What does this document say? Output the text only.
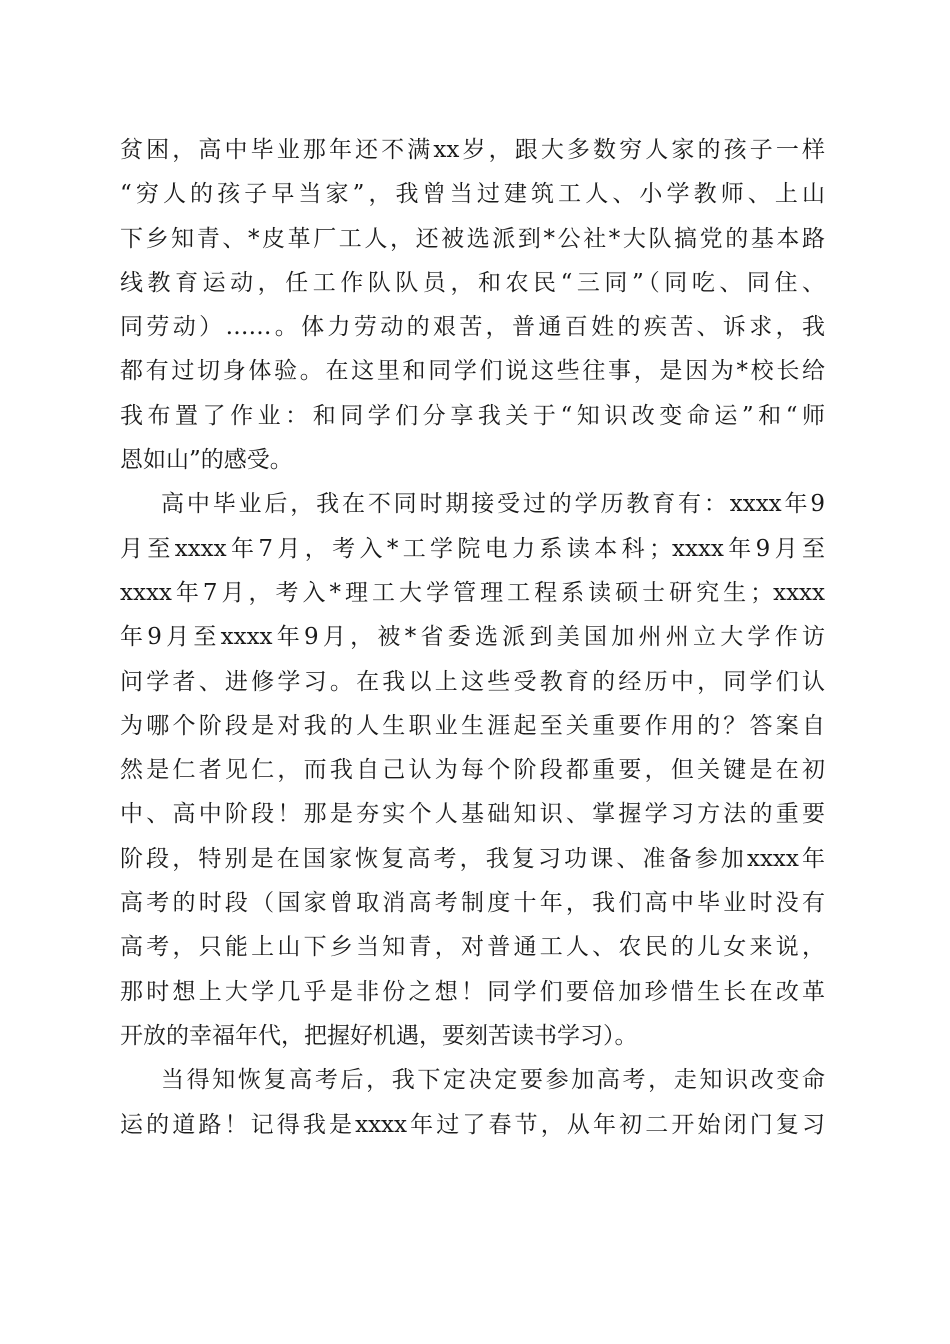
贫困，高中毕业那年还不满xx岁，跟大多数穷人家的孩子一样
“穷人的孩子早当家”，我曾当过建筑工人、小学教师、上山
下乡知青、*皮革厂工人，还被选派到*公社*大队搞党的基本路
线教育运动，任工作队队员，和农民“三同”（同吃、同住、
同劳动）……。体力劳动的艰苦，普通百姓的疾苦、诉求，我
都有过切身体验。在这里和同学们说这些往事，是因为*校长给
我布置了作业：和同学们分享我关于“知识改变命运”和“师
恩如山”的感受。
高中毕业后，我在不同时期接受过的学历教育有：xxxx年9
月至xxxx年7月，考入*工学院电力系读本科；xxxx年9月至
xxxx年7月，考入*理工大学管理工程系读硕士研究生；xxxx
年9月至xxxx年9月，被*省委选派到美国加州州立大学作访
问学者、进修学习。在我以上这些受教育的经历中，同学们认
为哪个阶段是对我的人生职业生涯起至关重要作用的？答案自
然是仁者见仁，而我自己认为每个阶段都重要，但关键是在初
中、高中阶段！那是夯实个人基础知识、掌握学习方法的重要
阶段，特别是在国家恢复高考，我复习功课、准备参加xxxx年
高考的时段（国家曾取消高考制度十年，我们高中毕业时没有
高考，只能上山下乡当知青，对普通工人、农民的儿女来说，
那时想上大学几乎是非份之想！同学们要倍加珍惜生长在改革
开放的幸福年代，把握好机遇，要刻苦读书学习）。
当得知恢复高考后，我下定决定要参加高考，走知识改变命
运的道路！记得我是xxxx年过了春节，从年初二开始闭门复习
